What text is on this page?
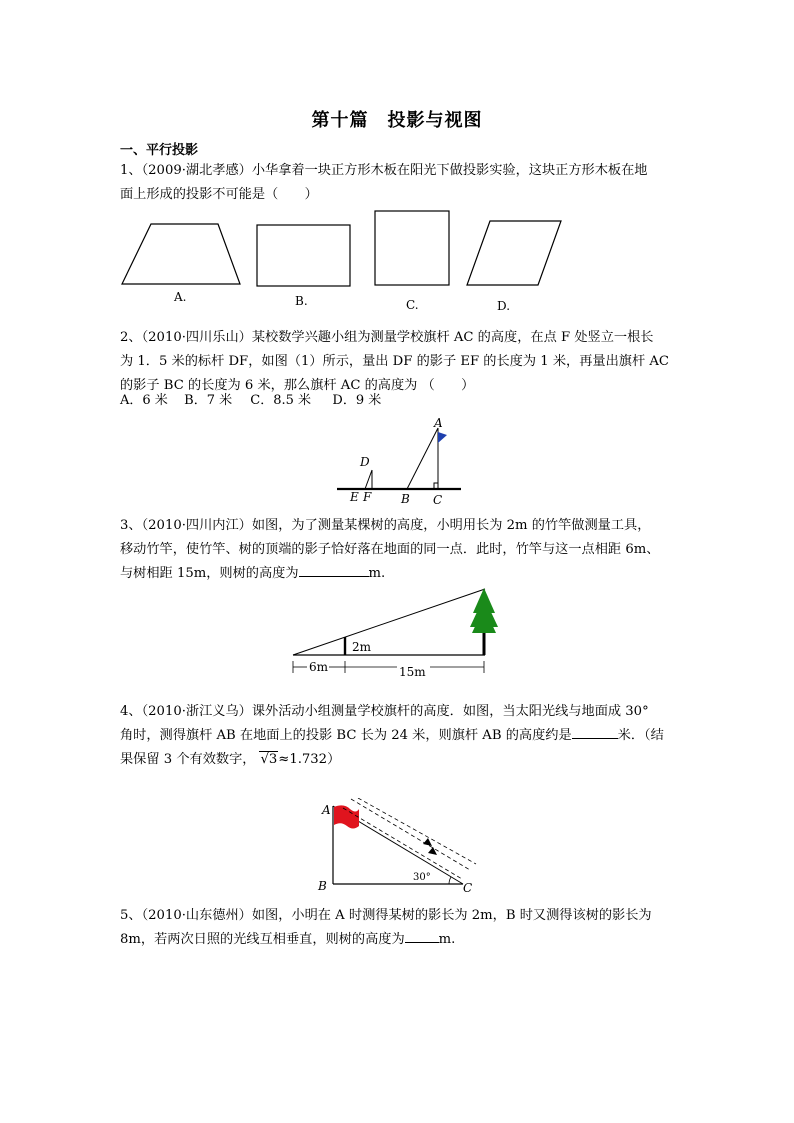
第十篇　投影与视图
一、平行投影
1、（2009·湖北孝感）小华拿着一块正方形木板在阳光下做投影实验，这块正方形木板在地
面上形成的投影不可能是（　　）
A.	B.	C.	D.
2、（2010·四川乐山）某校数学兴趣小组为测量学校旗杆 AC 的高度，在点 F 处竖立一根长
为 1．5 米的标杆 DF，如图（1）所示，量出 DF 的影子 EF 的长度为 1 米，再量出旗杆 AC
的影子 BC 的长度为 6 米，那么旗杆 AC 的高度为 （　　）
A．6 米 B．7 米 C．8.5 米 D．9 米
A
D
E F B C
3、（2010·四川内江）如图，为了测量某棵树的高度，小明用长为 2m 的竹竿做测量工具，
移动竹竿，使竹竿、树的顶端的影子恰好落在地面的同一点．此时，竹竿与这一点相距 6m、
与树相距 15m，则树的高度为	m.
2m
6m	15m
4、（2010·浙江义乌）课外活动小组测量学校旗杆的高度．如图，当太阳光线与地面成 30°
角时，测得旗杆 AB 在地面上的投影 BC 长为 24 米，则旗杆 AB 的高度约是	米．（结
果保留 3 个有效数字， √3≈1.732）
A
B	C
30°
5、（2010·山东德州）如图，小明在 A 时测得某树的影长为 2m，B 时又测得该树的影长为
8m，若两次日照的光线互相垂直，则树的高度为	m.
